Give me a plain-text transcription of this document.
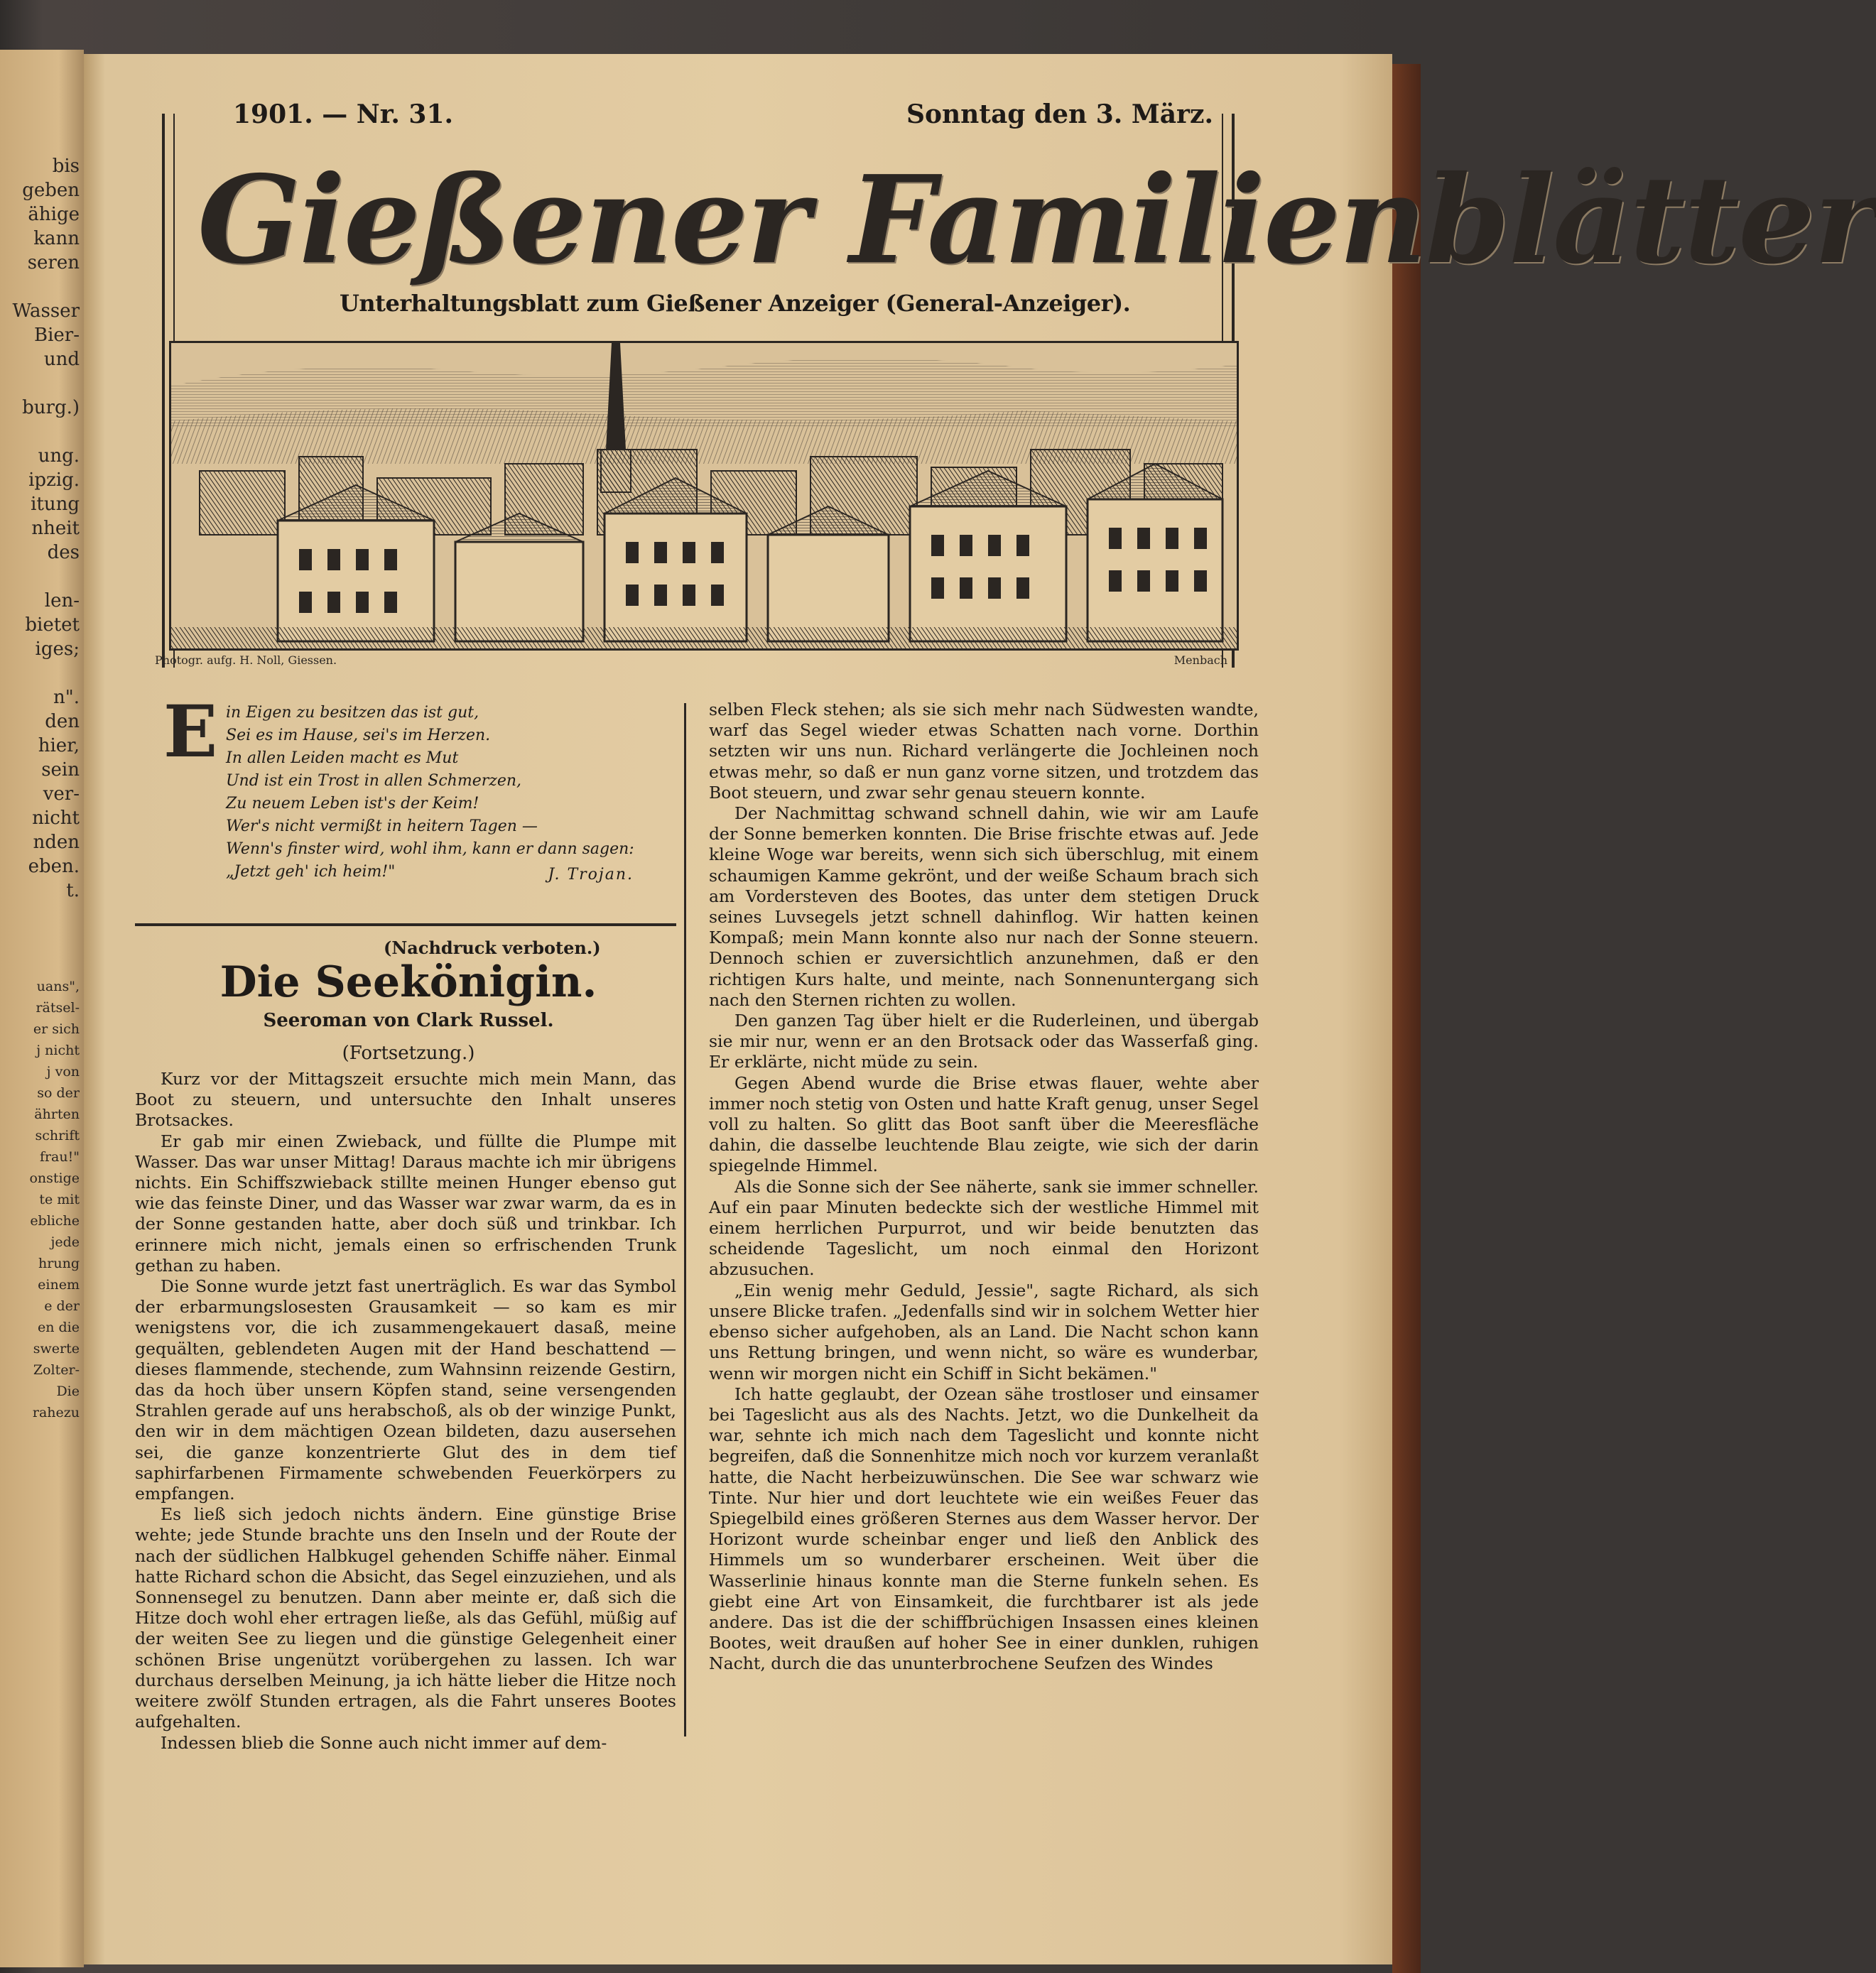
bis
geben
ähige
kann
seren
Wasser
Bier-
und
burg.)
ung.
ipzig.
itung
nheit
des
len-
bietet
iges;
n".
den
hier,
sein
ver-
nicht
nden
eben.
t.
uans",
rätsel-
er sich
j nicht
j von
so der
ährten
schrift
frau!"
onstige
te mit
ebliche
jede
hrung
einem
e der
en die
swerte
Zolter-
Die
rahezu
1901. — Nr. 31.	Sonntag den 3. März.
Gießener Familienblätter
Unterhaltungsblatt zum Gießener Anzeiger (General-Anzeiger).
Photogr. aufg. H. Noll, Giessen.	Menbach
E in Eigen zu besitzen das ist gut,
Sei es im Hause, sei's im Herzen.
In allen Leiden macht es Mut
Und ist ein Trost in allen Schmerzen,
Zu neuem Leben ist's der Keim!
Wer's nicht vermißt in heitern Tagen —
Wenn's finster wird, wohl ihm, kann er dann sagen:
„Jetzt geh' ich heim!"	J. Trojan.
(Nachdruck verboten.)
Die Seekönigin.
Seeroman von Clark Russel.
(Fortsetzung.)

Kurz vor der Mittagszeit ersuchte mich mein Mann, das Boot zu steuern, und untersuchte den Inhalt unseres Brotsackes.

Er gab mir einen Zwieback, und füllte die Plumpe mit Wasser. Das war unser Mittag! Daraus machte ich mir übrigens nichts. Ein Schiffszwieback stillte meinen Hunger ebenso gut wie das feinste Diner, und das Wasser war zwar warm, da es in der Sonne gestanden hatte, aber doch süß und trinkbar. Ich erinnere mich nicht, jemals einen so erfrischenden Trunk gethan zu haben.

Die Sonne wurde jetzt fast unerträglich. Es war das Symbol der erbarmungslosesten Grausamkeit — so kam es mir wenigstens vor, die ich zusammengekauert dasaß, meine gequälten, geblendeten Augen mit der Hand beschattend — dieses flammende, stechende, zum Wahnsinn reizende Gestirn, das da hoch über unsern Köpfen stand, seine versengenden Strahlen gerade auf uns herabschoß, als ob der winzige Punkt, den wir in dem mächtigen Ozean bildeten, dazu ausersehen sei, die ganze konzentrierte Glut des in dem tief saphirfarbenen Firmamente schwebenden Feuerkörpers zu empfangen.

Es ließ sich jedoch nichts ändern. Eine günstige Brise wehte; jede Stunde brachte uns den Inseln und der Route der nach der südlichen Halbkugel gehenden Schiffe näher. Einmal hatte Richard schon die Absicht, das Segel einzuziehen, und als Sonnensegel zu benutzen. Dann aber meinte er, daß sich die Hitze doch wohl eher ertragen ließe, als das Gefühl, müßig auf der weiten See zu liegen und die günstige Gelegenheit einer schönen Brise ungenützt vorübergehen zu lassen. Ich war durchaus derselben Meinung, ja ich hätte lieber die Hitze noch weitere zwölf Stunden ertragen, als die Fahrt unseres Bootes aufgehalten.

Indessen blieb die Sonne auch nicht immer auf dem-

selben Fleck stehen; als sie sich mehr nach Südwesten wandte, warf das Segel wieder etwas Schatten nach vorne. Dorthin setzten wir uns nun. Richard verlängerte die Jochleinen noch etwas mehr, so daß er nun ganz vorne sitzen, und trotzdem das Boot steuern, und zwar sehr genau steuern konnte.

Der Nachmittag schwand schnell dahin, wie wir am Laufe der Sonne bemerken konnten. Die Brise frischte etwas auf. Jede kleine Woge war bereits, wenn sich sich überschlug, mit einem schaumigen Kamme gekrönt, und der weiße Schaum brach sich am Vordersteven des Bootes, das unter dem stetigen Druck seines Luvsegels jetzt schnell dahinflog. Wir hatten keinen Kompaß; mein Mann konnte also nur nach der Sonne steuern. Dennoch schien er zuversichtlich anzunehmen, daß er den richtigen Kurs halte, und meinte, nach Sonnenuntergang sich nach den Sternen richten zu wollen.

Den ganzen Tag über hielt er die Ruderleinen, und übergab sie mir nur, wenn er an den Brotsack oder das Wasserfaß ging. Er erklärte, nicht müde zu sein.

Gegen Abend wurde die Brise etwas flauer, wehte aber immer noch stetig von Osten und hatte Kraft genug, unser Segel voll zu halten. So glitt das Boot sanft über die Meeresfläche dahin, die dasselbe leuchtende Blau zeigte, wie sich der darin spiegelnde Himmel.

Als die Sonne sich der See näherte, sank sie immer schneller. Auf ein paar Minuten bedeckte sich der westliche Himmel mit einem herrlichen Purpurrot, und wir beide benutzten das scheidende Tageslicht, um noch einmal den Horizont abzusuchen.

„Ein wenig mehr Geduld, Jessie", sagte Richard, als sich unsere Blicke trafen. „Jedenfalls sind wir in solchem Wetter hier ebenso sicher aufgehoben, als an Land. Die Nacht schon kann uns Rettung bringen, und wenn nicht, so wäre es wunderbar, wenn wir morgen nicht ein Schiff in Sicht bekämen."

Ich hatte geglaubt, der Ozean sähe trostloser und einsamer bei Tageslicht aus als des Nachts. Jetzt, wo die Dunkelheit da war, sehnte ich mich nach dem Tageslicht und konnte nicht begreifen, daß die Sonnenhitze mich noch vor kurzem veranlaßt hatte, die Nacht herbeizuwünschen. Die See war schwarz wie Tinte. Nur hier und dort leuchtete wie ein weißes Feuer das Spiegelbild eines größeren Sternes aus dem Wasser hervor. Der Horizont wurde scheinbar enger und ließ den Anblick des Himmels um so wunderbarer erscheinen. Weit über die Wasserlinie hinaus konnte man die Sterne funkeln sehen. Es giebt eine Art von Einsamkeit, die furchtbarer ist als jede andere. Das ist die der schiffbrüchigen Insassen eines kleinen Bootes, weit draußen auf hoher See in einer dunklen, ruhigen Nacht, durch die das ununterbrochene Seufzen des Windes
